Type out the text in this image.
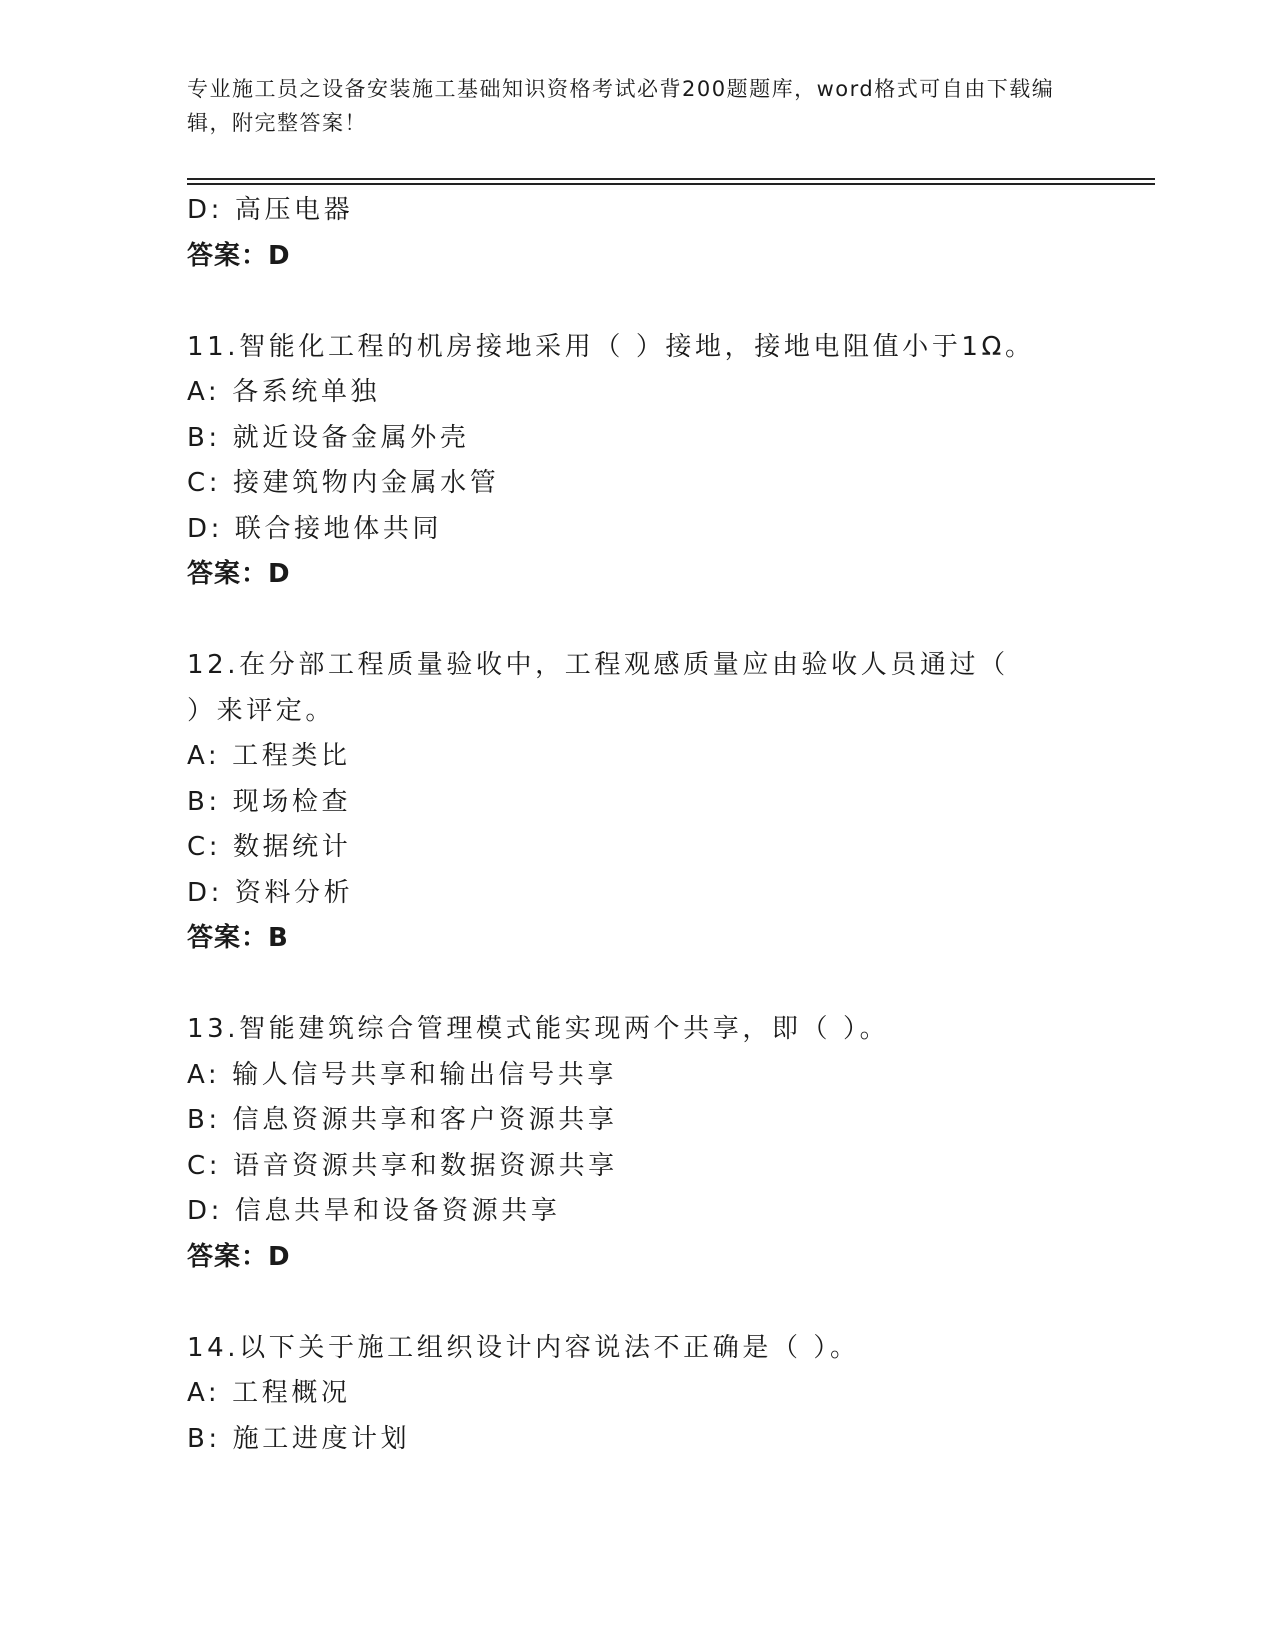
专业施工员之设备安装施工基础知识资格考试必背200题题库，word格式可自由下载编辑，附完整答案！
D: 高压电器
答案：D
11.智能化工程的机房接地采用（ ）接地，接地电阻值小于1Ω。
A: 各系统单独
B: 就近设备金属外壳
C: 接建筑物内金属水管
D: 联合接地体共同
答案：D
12.在分部工程质量验收中，工程观感质量应由验收人员通过（ ）来评定。
A: 工程类比
B: 现场检查
C: 数据统计
D: 资料分析
答案：B
13.智能建筑综合管理模式能实现两个共享，即（ ）。
A: 输人信号共享和输出信号共享
B: 信息资源共享和客户资源共享
C: 语音资源共享和数据资源共享
D: 信息共旱和设备资源共享
答案：D
14.以下关于施工组织设计内容说法不正确是（ ）。
A: 工程概况
B: 施工进度计划
